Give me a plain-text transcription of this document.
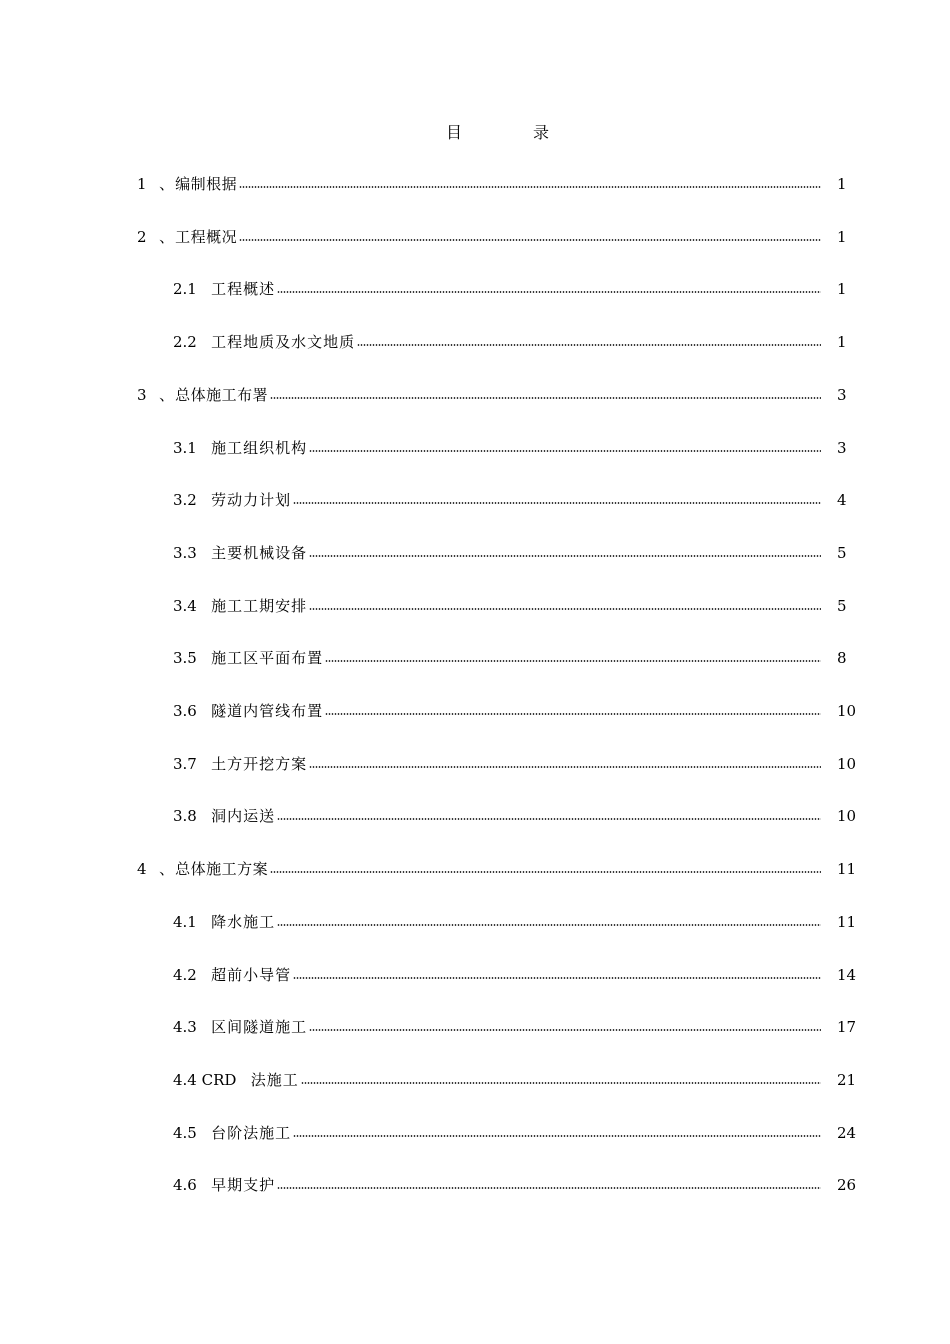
目	录
1  、 编制根据	1
2  、 工程概况	1
2.1 工程概述	1
2.2 工程地质及水文地质	1
3  、 总体施工布署	3
3.1 施工组织机构	3
3.2 劳动力计划	4
3.3 主要机械设备	5
3.4 施工工期安排	5
3.5 施工区平面布置	8
3.6 隧道内管线布置	10
3.7 土方开挖方案	10
3.8 洞内运送	10
4  、 总体施工方案	11
4.1 降水施工	11
4.2 超前小导管	14
4.3 区间隧道施工	17
4.4 CRD 法施工	21
4.5 台阶法施工	24
4.6 早期支护	26
